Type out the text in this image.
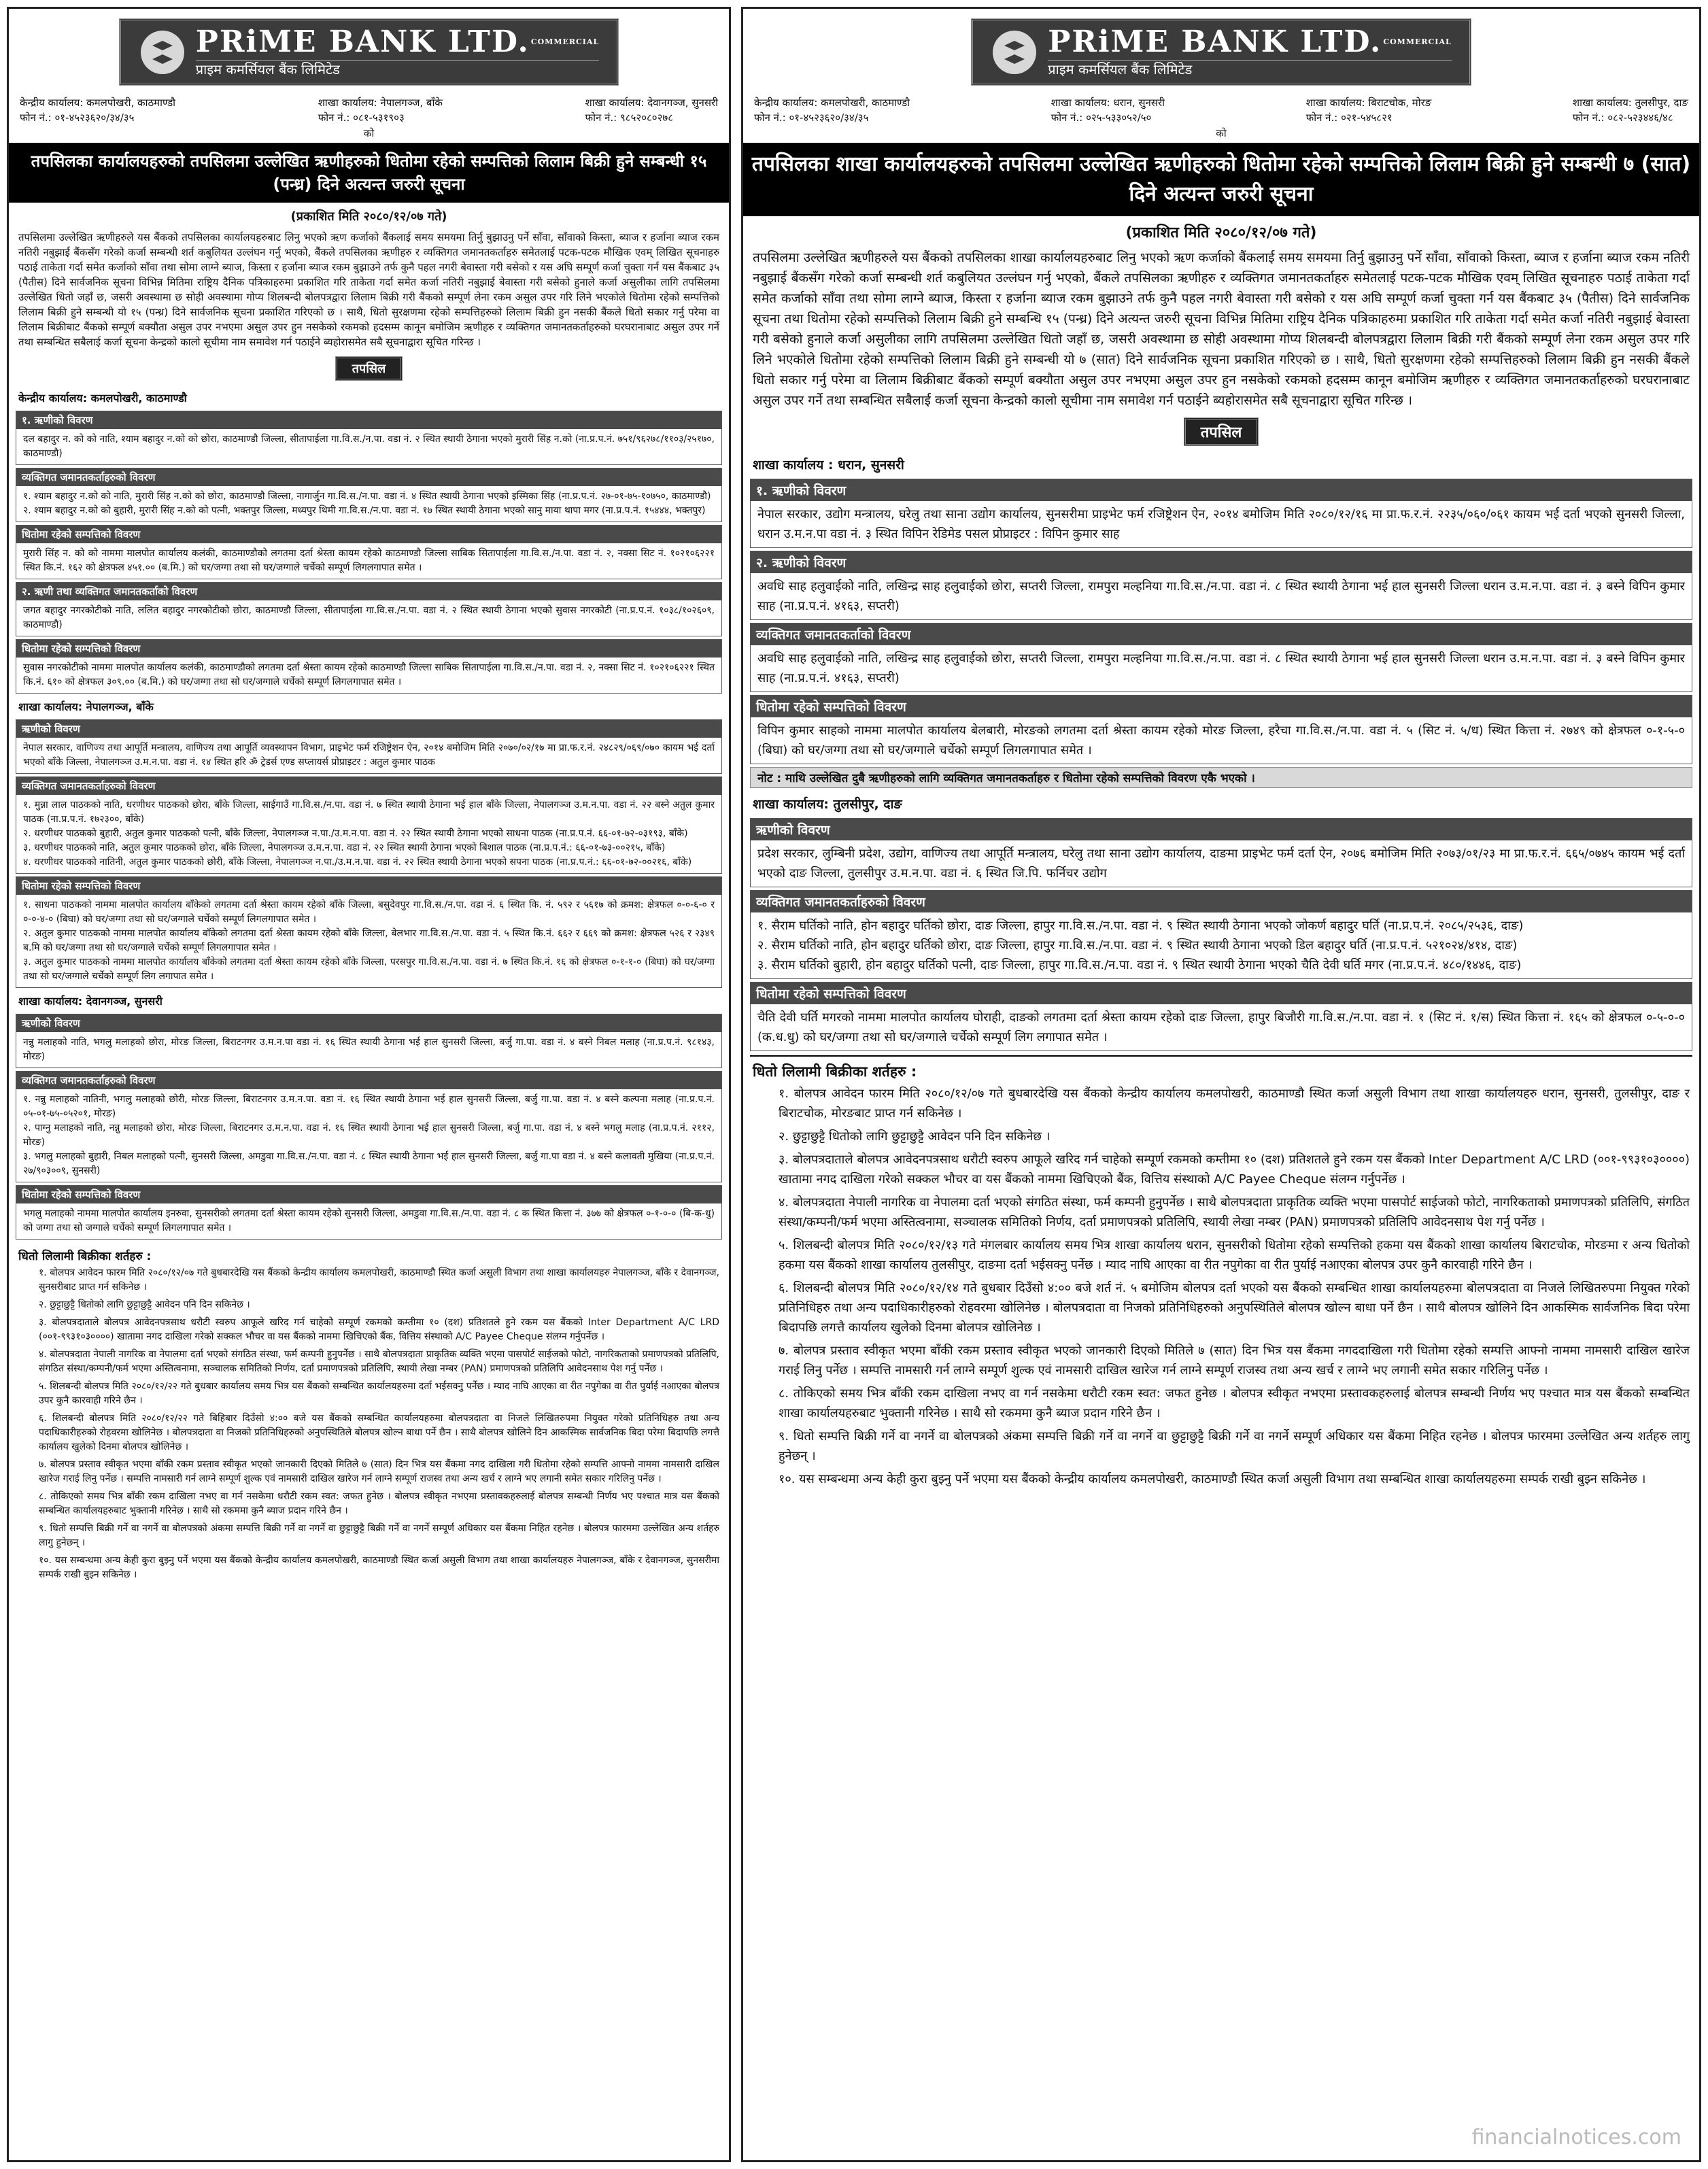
PRiME BANK LTD. $^{COMMERCIAL}$
प्राइम कमर्सियल बैंक लिमिटेड
केन्द्रीय कार्यालय: कमलपोखरी, काठमाण्डौ
फोन नं.: ०१-४५२३६२०/३४/३५
शाखा कार्यालय: नेपालगञ्ज, बाँके
फोन नं.: ०८१-५३१९०३
शाखा कार्यालय: देवानगञ्ज, सुनसरी
फोन नं.: ९८५२०८०२७८
को
तपसिलका कार्यालयहरुको तपसिलमा उल्लेखित ऋणीहरुको धितोमा रहेको सम्पत्तिको लिलाम बिक्री हुने सम्बन्धी १५ (पन्ध्र) दिने अत्यन्त जरुरी सूचना
(प्रकाशित मिति २०८०/१२/०७ गते)
तपसिलमा उल्लेखित ऋणीहरुले यस बैंकको तपसिलका कार्यालयहरुबाट लिनु भएको ऋण कर्जाको बैंकलाई समय समयमा तिर्नु बुझाउनु पर्ने साँवा, साँवाको किस्ता, ब्याज र हर्जाना ब्याज रकम नतिरी नबुझाई बैंकसँग गरेको कर्जा सम्बन्धी शर्त कबुलियत उल्लंघन गर्नु भएको, बैंकले तपसिलका ऋणीहरु र व्यक्तिगत जमानतकर्ताहरु समेतलाई पटक-पटक मौखिक एवम् लिखित सूचनाहरु पठाई ताकेता गर्दा समेत कर्जाको साँवा तथा सोमा लाग्ने ब्याज, किस्ता र हर्जाना ब्याज रकम बुझाउने तर्फ कुनै पहल नगरी बेवास्ता गरी बसेको र यस अघि सम्पूर्ण कर्जा चुक्ता गर्न यस बैंकबाट ३५ (पैतीस) दिने सार्वजनिक सूचना विभिन्न मितिमा राष्ट्रिय दैनिक पत्रिकाहरुमा प्रकाशित गरि ताकेता गर्दा समेत कर्जा नतिरी नबुझाई बेवास्ता गरी बसेको हुनाले कर्जा असुलीका लागि तपसिलमा उल्लेखित धितो जहाँ छ, जसरी अवस्थामा छ सोही अवस्थामा गोप्य शिलबन्दी बोलपत्रद्वारा लिलाम बिक्री गरी बैंकको सम्पूर्ण लेना रकम असुल उपर गरि लिने भएकोले धितोमा रहेको सम्पत्तिको लिलाम बिक्री हुने सम्बन्धी यो १५ (पन्ध्र) दिने सार्वजनिक सूचना प्रकाशित गरिएको छ । साथै, धितो सुरक्षणमा रहेको सम्पत्तिहरुको लिलाम बिक्री हुन नसकी बैंकले धितो सकार गर्नु परेमा वा लिलाम बिक्रीबाट बैंकको सम्पूर्ण बक्यौता असुल उपर नभएमा असुल उपर हुन नसकेको रकमको हदसम्म कानून बमोजिम ऋणीहरु र व्यक्तिगत जमानतकर्ताहरुको घरघरानाबाट असुल उपर गर्ने तथा सम्बन्धित सबैलाई कर्जा सूचना केन्द्रको कालो सूचीमा नाम समावेश गर्न पठाईने ब्यहोरासमेत सबै सूचनाद्वारा सूचित गरिन्छ ।
तपसिल
केन्द्रीय कार्यालय: कमलपोखरी, काठमाण्डौ
१. ऋणीको विवरण
दल बहादुर न. को को नाति, श्याम बहादुर न.को को छोरा, काठमाण्डौ जिल्ला, सीतापाईला गा.वि.स./न.पा. वडा नं. २ स्थित स्थायी ठेगाना भएको मुरारी सिंह न.को (ना.प्र.प.नं. ७५१/९६२७८/११०३/२५१७०, काठमाण्डौ)
व्यक्तिगत जमानतकर्ताहरुको विवरण
१. श्याम बहादुर न.को को नाति, मुरारी सिंह न.को को छोरा, काठमाण्डौ जिल्ला, नागार्जुन गा.वि.स./न.पा. वडा नं. ४ स्थित स्थायी ठेगाना भएको इस्मिका सिंह (ना.प्र.प.नं. २७-०१-७५-१०७५०, काठमाण्डौ)
२. श्याम बहादुर न.को को बुहारी, मुरारी सिंह न.को को पत्नी, भक्तपुर जिल्ला, मध्यपुर थिमी गा.वि.स./न.पा. वडा नं. १७ स्थित स्थायी ठेगाना भएको सानु माया थापा मगर (ना.प्र.प.नं. १५४४४, भक्तपुर)
धितोमा रहेको सम्पत्तिको विवरण
मुरारी सिंह न. को को नाममा मालपोत कार्यालय कलंकी, काठमाण्डौको लगतमा दर्ता श्रेस्ता कायम रहेको काठमाण्डौ जिल्ला साबिक सितापाईला गा.वि.स./न.पा. वडा नं. २, नक्सा सिट नं. १०२१०६२२१ स्थित कि.नं. १६२ को क्षेत्रफल ४५१.०० (ब.मि.) को घर/जग्गा तथा सो घर/जग्गाले चर्चेको सम्पूर्ण लिगलगापात समेत ।
२. ऋणी तथा व्यक्तिगत जमानतकर्ताको विवरण
जगत बहादुर नगरकोटीको नाति, ललित बहादुर नगरकोटीको छोरा, काठमाण्डौ जिल्ला, सीतापाईला गा.वि.स./न.पा. वडा नं. २ स्थित स्थायी ठेगाना भएको सुवास नगरकोटी (ना.प्र.प.नं. १०३८/१०२६०९, काठमाण्डौ)
धितोमा रहेको सम्पत्तिको विवरण
सुवास नगरकोटीको नाममा मालपोत कार्यालय कलंकी, काठमाण्डौको लगतमा दर्ता श्रेस्ता कायम रहेको काठमाण्डौ जिल्ला साबिक सितापाईला गा.वि.स./न.पा. वडा नं. २, नक्सा सिट नं. १०२१०६२२१ स्थित कि.नं. ६१० को क्षेत्रफल ३०९.०० (ब.मि.) को घर/जग्गा तथा सो घर/जग्गाले चर्चेको सम्पूर्ण लिगलगापात समेत ।
शाखा कार्यालय: नेपालगञ्ज, बाँके
ऋणीको विवरण
नेपाल सरकार, वाणिज्य तथा आपूर्ति मन्त्रालय, वाणिज्य तथा आपूर्ति व्यवस्थापन विभाग, प्राइभेट फर्म रजिष्ट्रेशन ऐन, २०१४ बमोजिम मिति २०७०/०२/१७ मा प्रा.फ.र.नं. २४८२९/०६९/०७० कायम भई दर्ता भएको बाँके जिल्ला, नेपालगञ्ज उ.म.न.पा. वडा नं. १४ स्थित हरि ॐ ट्रेडर्स एण्ड सप्लायर्स प्रोप्राइटर : अतुल कुमार पाठक
व्यक्तिगत जमानतकर्ताहरुको विवरण
१. मुन्ना लाल पाठकको नाति, धरणीधर पाठकको छोरा, बाँके जिल्ला, साईगाउँ गा.वि.स./न.पा. वडा नं. ७ स्थित स्थायी ठेगाना भई हाल बाँके जिल्ला, नेपालगञ्ज उ.म.न.पा. वडा नं. २२ बस्ने अतुल कुमार पाठक (ना.प्र.प.नं. १७२३००, बाँके)
२. धरणीधर पाठकको बुहारी, अतुल कुमार पाठकको पत्नी, बाँके जिल्ला, नेपालगञ्ज न.पा./उ.म.न.पा. वडा नं. २२ स्थित स्थायी ठेगाना भएको साधना पाठक (ना.प्र.प.नं. ६६-०१-७२-०३१९३, बाँके)
३. धरणीधर पाठकको नाति, अतुल कुमार पाठकको छोरा, बाँके जिल्ला, नेपालगञ्ज उ.म.न.पा. वडा नं. २२ स्थित स्थायी ठेगाना भएको बिशाल पाठक (ना.प्र.प.नं.: ६६-०१-७३-००२१५, बाँके)
४. धरणीधर पाठकको नातिनी, अतुल कुमार पाठकको छोरी, बाँके जिल्ला, नेपालगञ्ज न.पा./उ.म.न.पा. वडा नं. २२ स्थित स्थायी ठेगाना भएको सपना पाठक (ना.प्र.प.नं.: ६६-०१-७२-००२१६, बाँके)
धितोमा रहेको सम्पत्तिको विवरण
१. साधना पाठकको नाममा मालपोत कार्यालय बाँकेको लगतमा दर्ता श्रेस्ता कायम रहेको बाँके जिल्ला, बसुदेवपुर गा.वि.स./न.पा. वडा नं. ६ स्थित कि. नं. ५९२ र ५६१७ को क्रमश: क्षेत्रफल ०-०-६-० र ०-०-४-० (बिघा) को घर/जग्गा तथा सो घर/जग्गाले चर्चेको सम्पूर्ण लिगलगापात समेत ।
२. अतुल कुमार पाठकको नाममा मालपोत कार्यालय बाँकेको लगतमा दर्ता श्रेस्ता कायम रहेको बाँके जिल्ला, बेलभार गा.वि.स./न.पा. वडा नं. ५ स्थित कि.नं. ६६२ र ६६९ को क्रमश: क्षेत्रफल ५२६ र २३४९ ब.मि को घर/जग्गा तथा सो घर/जग्गाले चर्चेको सम्पूर्ण लिगलगापात समेत ।
३. अतुल कुमार पाठकको नाममा मालपोत कार्यालय बाँकेको लगतमा दर्ता श्रेस्ता कायम रहेको बाँके जिल्ला, परसपुर गा.वि.स./न.पा. वडा नं. ७ स्थित कि.नं. १६ को क्षेत्रफल ०-१-१-० (बिघा) को घर/जग्गा तथा सो घर/जग्गाले चर्चेको सम्पूर्ण लिग लगापात समेत ।
शाखा कार्यालय: देवानगञ्ज, सुनसरी
ऋणीको विवरण
नन्नु मलाहको नाति, भगलु मलाहको छोरा, मोरङ जिल्ला, बिराटनगर उ.म.न.पा वडा नं. १६ स्थित स्थायी ठेगाना भई हाल सुनसरी जिल्ला, बर्जु गा.पा. वडा नं. ४ बस्ने निबल मलाह (ना.प्र.प.नं. ९८१४३, मोरङ)
व्यक्तिगत जमानतकर्ताहरुको विवरण
१. नन्नु मलाहको नातिनी, भगलु मलाहको छोरी, मोरङ जिल्ला, बिराटनगर उ.म.न.पा. वडा नं. १६ स्थित स्थायी ठेगाना भई हाल सुनसरी जिल्ला, बर्जु गा.पा. वडा नं. ४ बस्ने कल्पना मलाह (ना.प्र.प.नं. ०५-०१-७५-०५२०१, मोरङ)
२. पाग्नु मलाहको नाति, नन्नु मलाहको छोरा, मोरङ जिल्ला, बिराटनगर उ.म.न.पा. वडा नं. १६ स्थित स्थायी ठेगाना भई हाल सुनसरी जिल्ला, बर्जु गा.पा. वडा नं. ४ बस्ने भगलु मलाह (ना.प्र.प.नं. २११२, मोरङ)
३. भगलु मलाहको बुहारी, निबल मलाहको पत्नी, सुनसरी जिल्ला, अमडुवा गा.वि.स./न.पा. वडा नं. ८ स्थित स्थायी ठेगाना भई हाल सुनसरी जिल्ला, बर्जु गा.पा वडा नं. ४ बस्ने कलावती मुखिया (ना.प्र.प.नं. २७/९०३००९, सुनसरी)
धितोमा रहेको सम्पत्तिको विवरण
भगलु मलाहको नाममा मालपोत कार्यालय इनरुवा, सुनसरीको लगतमा दर्ता श्रेस्ता कायम रहेको सुनसरी जिल्ला, अमडुवा गा.वि.स./न.पा. वडा नं. ८ क स्थित कित्ता नं. ३७७ को क्षेत्रफल ०-१-०-० (बि-क-धु) को जग्गा तथा सो जग्गाले चर्चेको सम्पूर्ण लिगलगापात समेत ।
धितो लिलामी बिक्रीका शर्तहरु :
१. बोलपत्र आवेदन फारम मिति २०८०/१२/०७ गते बुधबारदेखि यस बैंकको केन्द्रीय कार्यालय कमलपोखरी, काठमाण्डौ स्थित कर्जा असुली विभाग तथा शाखा कार्यालयहरु नेपालगञ्ज, बाँके र देवानगञ्ज, सुनसरीबाट प्राप्त गर्न सकिनेछ ।
२. छुट्टाछुट्टै धितोको लागि छुट्टाछुट्टै आवेदन पनि दिन सकिनेछ ।
३. बोलपत्रदाताले बोलपत्र आवेदनपत्रसाथ धरौटी स्वरुप आफूले खरिद गर्न चाहेको सम्पूर्ण रकमको कम्तीमा १० (दश) प्रतिशतले हुने रकम यस बैंकको Inter Department A/C LRD (००१-९९३१०३००००) खातामा नगद दाखिला गरेको सक्कल भौचर वा यस बैंकको नाममा खिचिएको बैंक, वित्तिय संस्थाको A/C Payee Cheque संलग्न गर्नुपर्नेछ ।
४. बोलपत्रदाता नेपाली नागरिक वा नेपालमा दर्ता भएको संगठित संस्था, फर्म कम्पनी हुनुपर्नेछ । साथै बोलपत्रदाता प्राकृतिक व्यक्ति भएमा पासपोर्ट साईजको फोटो, नागरिकताको प्रमाणपत्रको प्रतिलिपि, संगठित संस्था/कम्पनी/फर्म भएमा अस्तित्वनामा, सञ्चालक समितिको निर्णय, दर्ता प्रमाणपत्रको प्रतिलिपि, स्थायी लेखा नम्बर (PAN) प्रमाणपत्रको प्रतिलिपि आवेदनसाथ पेश गर्नु पर्नेछ ।
५. शिलबन्दी बोलपत्र मिति २०८०/१२/२२ गते बुधबार कार्यालय समय भित्र यस बैंकको सम्बन्धित कार्यालयहरुमा दर्ता भईसक्नु पर्नेछ । म्याद नाघि आएका वा रीत नपुगेका वा रीत पुर्याई नआएका बोलपत्र उपर कुनै कारवाही गरिने छैन ।
६. शिलबन्दी बोलपत्र मिति २०८०/१२/२२ गते बिहिबार दिउँसो ४:०० बजे यस बैंकको सम्बन्धित कार्यालयहरुमा बोलपत्रदाता वा निजले लिखितरुपमा नियुक्त गरेको प्रतिनिधिहरु तथा अन्य पदाधिकारीहरुको रोहवरमा खोलिनेछ । बोलपत्रदाता वा निजको प्रतिनिधिहरुको अनुपस्थितिले बोलपत्र खोल्न बाधा पर्ने छैन । साथै बोलपत्र खोलिने दिन आकस्मिक सार्वजनिक बिदा परेमा बिदापछि लगत्तै कार्यालय खुलेको दिनमा बोलपत्र खोलिनेछ ।
७. बोलपत्र प्रस्ताव स्वीकृत भएमा बाँकी रकम प्रस्ताव स्वीकृत भएको जानकारी दिएको मितिले ७ (सात) दिन भित्र यस बैंकमा नगद दाखिला गरी धितोमा रहेको सम्पत्ति आफ्नो नाममा नामसारी दाखिल खारेज गराई लिनु पर्नेछ । सम्पत्ति नामसारी गर्न लाग्ने सम्पूर्ण शुल्क एवं नामसारी दाखिल खारेज गर्न लाग्ने सम्पूर्ण राजस्व तथा अन्य खर्च र लाग्ने भए लगानी समेत सकार गरिलिनु पर्नेछ ।
८. तोकिएको समय भित्र बाँकी रकम दाखिला नभए वा गर्न नसकेमा धरौटी रकम स्वत: जफत हुनेछ । बोलपत्र स्वीकृत नभएमा प्रस्तावकहरुलाई बोलपत्र सम्बन्धी निर्णय भए पश्चात मात्र यस बैंकको सम्बन्धित कार्यालयहरुबाट भुक्तानी गरिनेछ । साथै सो रकममा कुनै ब्याज प्रदान गरिने छैन ।
९. धितो सम्पत्ति बिक्री गर्ने वा नगर्ने वा बोलपत्रको अंकमा सम्पत्ति बिक्री गर्ने वा नगर्ने वा छुट्टाछुट्टै बिक्री गर्ने वा नगर्ने सम्पूर्ण अधिकार यस बैंकमा निहित रहनेछ । बोलपत्र फारममा उल्लेखित अन्य शर्तहरु लागु हुनेछन् ।
१०. यस सम्बन्धमा अन्य केही कुरा बुझ्नु पर्ने भएमा यस बैंकको केन्द्रीय कार्यालय कमलपोखरी, काठमाण्डौ स्थित कर्जा असुली विभाग तथा शाखा कार्यालयहरु नेपालगञ्ज, बाँके र देवानगञ्ज, सुनसरीमा सम्पर्क राखी बुझ्न सकिनेछ ।
PRiME BANK LTD. $^{COMMERCIAL}$
प्राइम कमर्सियल बैंक लिमिटेड
केन्द्रीय कार्यालय: कमलपोखरी, काठमाण्डौ
फोन नं.: ०१-४५२३६२०/३४/३५
शाखा कार्यालय: धरान, सुनसरी
फोन नं.: ०२५-५३३०५२/५०
शाखा कार्यालय: बिराटचोक, मोरङ
फोन नं.: ०२१-५४५८२१
शाखा कार्यालय: तुलसीपुर, दाङ
फोन नं.: ०८२-५२३४४६/४८
को
तपसिलका शाखा कार्यालयहरुको तपसिलमा उल्लेखित ऋणीहरुको धितोमा रहेको सम्पत्तिको लिलाम बिक्री हुने सम्बन्धी ७ (सात) दिने अत्यन्त जरुरी सूचना
(प्रकाशित मिति २०८०/१२/०७ गते)
तपसिलमा उल्लेखित ऋणीहरुले यस बैंकको तपसिलका शाखा कार्यालयहरुबाट लिनु भएको ऋण कर्जाको बैंकलाई समय समयमा तिर्नु बुझाउनु पर्ने साँवा, साँवाको किस्ता, ब्याज र हर्जाना ब्याज रकम नतिरी नबुझाई बैंकसँग गरेको कर्जा सम्बन्धी शर्त कबुलियत उल्लंघन गर्नु भएको, बैंकले तपसिलका ऋणीहरु र व्यक्तिगत जमानतकर्ताहरु समेतलाई पटक-पटक मौखिक एवम् लिखित सूचनाहरु पठाई ताकेता गर्दा समेत कर्जाको साँवा तथा सोमा लाग्ने ब्याज, किस्ता र हर्जाना ब्याज रकम बुझाउने तर्फ कुनै पहल नगरी बेवास्ता गरी बसेको र यस अघि सम्पूर्ण कर्जा चुक्ता गर्न यस बैंकबाट ३५ (पैतीस) दिने सार्वजनिक सूचना तथा धितोमा रहेको सम्पत्तिको लिलाम बिक्री हुने सम्बन्धि १५ (पन्ध्र) दिने अत्यन्त जरुरी सूचना विभिन्न मितिमा राष्ट्रिय दैनिक पत्रिकाहरुमा प्रकाशित गरि ताकेता गर्दा समेत कर्जा नतिरी नबुझाई बेवास्ता गरी बसेको हुनाले कर्जा असुलीका लागि तपसिलमा उल्लेखित धितो जहाँ छ, जसरी अवस्थामा छ सोही अवस्थामा गोप्य शिलबन्दी बोलपत्रद्वारा लिलाम बिक्री गरी बैंकको सम्पूर्ण लेना रकम असुल उपर गरि लिने भएकोले धितोमा रहेको सम्पत्तिको लिलाम बिक्री हुने सम्बन्धी यो ७ (सात) दिने सार्वजनिक सूचना प्रकाशित गरिएको छ । साथै, धितो सुरक्षणमा रहेको सम्पत्तिहरुको लिलाम बिक्री हुन नसकी बैंकले धितो सकार गर्नु परेमा वा लिलाम बिक्रीबाट बैंकको सम्पूर्ण बक्यौता असुल उपर नभएमा असुल उपर हुन नसकेको रकमको हदसम्म कानून बमोजिम ऋणीहरु र व्यक्तिगत जमानतकर्ताहरुको घरघरानाबाट असुल उपर गर्ने तथा सम्बन्धित सबैलाई कर्जा सूचना केन्द्रको कालो सूचीमा नाम समावेश गर्न पठाईने ब्यहोरासमेत सबै सूचनाद्वारा सूचित गरिन्छ ।
तपसिल
शाखा कार्यालय : धरान, सुनसरी
१. ऋणीको विवरण
नेपाल सरकार, उद्योग मन्त्रालय, घरेलु तथा साना उद्योग कार्यालय, सुनसरीमा प्राइभेट फर्म रजिष्ट्रेशन ऐन, २०१४ बमोजिम मिति २०८०/१२/१६ मा प्रा.फ.र.नं. २२३५/०६०/०६१ कायम भई दर्ता भएको सुनसरी जिल्ला, धरान उ.म.न.पा वडा नं. ३ स्थित विपिन रेडिमेड पसल प्रोप्राइटर : विपिन कुमार साह
२. ऋणीको विवरण
अवधि साह हलुवाईको नाति, लखिन्द्र साह हलुवाईको छोरा, सप्तरी जिल्ला, रामपुरा मल्हनिया गा.वि.स./न.पा. वडा नं. ८ स्थित स्थायी ठेगाना भई हाल सुनसरी जिल्ला धरान उ.म.न.पा. वडा नं. ३ बस्ने विपिन कुमार साह (ना.प्र.प.नं. ४१६३, सप्तरी)
व्यक्तिगत जमानतकर्ताको विवरण
अवधि साह हलुवाईको नाति, लखिन्द्र साह हलुवाईको छोरा, सप्तरी जिल्ला, रामपुरा मल्हनिया गा.वि.स./न.पा. वडा नं. ८ स्थित स्थायी ठेगाना भई हाल सुनसरी जिल्ला धरान उ.म.न.पा. वडा नं. ३ बस्ने विपिन कुमार साह (ना.प्र.प.नं. ४१६३, सप्तरी)
धितोमा रहेको सम्पत्तिको विवरण
विपिन कुमार साहको नाममा मालपोत कार्यालय बेलबारी, मोरङको लगतमा दर्ता श्रेस्ता कायम रहेको मोरङ जिल्ला, हरैचा गा.वि.स./न.पा. वडा नं. ५ (सिट नं. ५/ध) स्थित कित्ता नं. २७४९ को क्षेत्रफल ०-१-५-० (बिघा) को घर/जग्गा तथा सो घर/जग्गाले चर्चेको सम्पूर्ण लिगलगापात समेत ।
नोट : माथि उल्लेखित दुबै ऋणीहरुको लागि व्यक्तिगत जमानतकर्ताहरु र धितोमा रहेको सम्पत्तिको विवरण एकै भएको ।
शाखा कार्यालय: तुलसीपुर, दाङ
ऋणीको विवरण
प्रदेश सरकार, लुम्बिनी प्रदेश, उद्योग, वाणिज्य तथा आपूर्ति मन्त्रालय, घरेलु तथा साना उद्योग कार्यालय, दाङमा प्राइभेट फर्म दर्ता ऐन, २०७६ बमोजिम मिति २०७३/०१/२३ मा प्रा.फ.र.नं. ६६५/०७४५ कायम भई दर्ता भएको दाङ जिल्ला, तुलसीपुर उ.म.न.पा. वडा नं. ६ स्थित जि.पि. फर्निचर उद्योग
व्यक्तिगत जमानतकर्ताहरुको विवरण
१. सैराम घर्तिको नाति, होन बहादुर घर्तिको छोरा, दाङ जिल्ला, हापुर गा.वि.स./न.पा. वडा नं. ९ स्थित स्थायी ठेगाना भएको जोकर्ण बहादुर घर्ति (ना.प्र.प.नं. २०८५/२५३६, दाङ)
२. सैराम घर्तिको नाति, होन बहादुर घर्तिको छोरा, दाङ जिल्ला, हापुर गा.वि.स./न.पा. वडा नं. ९ स्थित स्थायी ठेगाना भएको डिल बहादुर घर्ति (ना.प्र.प.नं. ५२१०२४/४१४, दाङ)
३. सैराम घर्तिको बुहारी, होन बहादुर घर्तिको पत्नी, दाङ जिल्ला, हापुर गा.वि.स./न.पा. वडा नं. ९ स्थित स्थायी ठेगाना भएको चैति देवी घर्ति मगर (ना.प्र.प.नं. ४८०/१४४६, दाङ)
धितोमा रहेको सम्पत्तिको विवरण
चैति देवी घर्ति मगरको नाममा मालपोत कार्यालय घोराही, दाङको लगतमा दर्ता श्रेस्ता कायम रहेको दाङ जिल्ला, हापुर बिजौरी गा.वि.स./न.पा. वडा नं. १ (सिट नं. १/स) स्थित कित्ता नं. १६५ को क्षेत्रफल ०-५-०-० (क.ध.धु) को घर/जग्गा तथा सो घर/जग्गाले चर्चेको सम्पूर्ण लिग लगापात समेत ।
धितो लिलामी बिक्रीका शर्तहरु :
१. बोलपत्र आवेदन फारम मिति २०८०/१२/०७ गते बुधबारदेखि यस बैंकको केन्द्रीय कार्यालय कमलपोखरी, काठमाण्डौ स्थित कर्जा असुली विभाग तथा शाखा कार्यालयहरु धरान, सुनसरी, तुलसीपुर, दाङ र बिराटचोक, मोरङबाट प्राप्त गर्न सकिनेछ ।
२. छुट्टाछुट्टै धितोको लागि छुट्टाछुट्टै आवेदन पनि दिन सकिनेछ ।
३. बोलपत्रदाताले बोलपत्र आवेदनपत्रसाथ धरौटी स्वरुप आफूले खरिद गर्न चाहेको सम्पूर्ण रकमको कम्तीमा १० (दश) प्रतिशतले हुने रकम यस बैंकको Inter Department A/C LRD (००१-९९३१०३००००) खातामा नगद दाखिला गरेको सक्कल भौचर वा यस बैंकको नाममा खिचिएको बैंक, वित्तिय संस्थाको A/C Payee Cheque संलग्न गर्नुपर्नेछ ।
४. बोलपत्रदाता नेपाली नागरिक वा नेपालमा दर्ता भएको संगठित संस्था, फर्म कम्पनी हुनुपर्नेछ । साथै बोलपत्रदाता प्राकृतिक व्यक्ति भएमा पासपोर्ट साईजको फोटो, नागरिकताको प्रमाणपत्रको प्रतिलिपि, संगठित संस्था/कम्पनी/फर्म भएमा अस्तित्वनामा, सञ्चालक समितिको निर्णय, दर्ता प्रमाणपत्रको प्रतिलिपि, स्थायी लेखा नम्बर (PAN) प्रमाणपत्रको प्रतिलिपि आवेदनसाथ पेश गर्नु पर्नेछ ।
५. शिलबन्दी बोलपत्र मिति २०८०/१२/१३ गते मंगलबार कार्यालय समय भित्र शाखा कार्यालय धरान, सुनसरीको धितोमा रहेको सम्पत्तिको हकमा यस बैंकको शाखा कार्यालय बिराटचोक, मोरङमा र अन्य धितोको हकमा यस बैंकको शाखा कार्यालय तुलसीपुर, दाङमा दर्ता भईसक्नु पर्नेछ । म्याद नाघि आएका वा रीत नपुगेका वा रीत पुर्याई नआएका बोलपत्र उपर कुनै कारवाही गरिने छैन ।
६. शिलबन्दी बोलपत्र मिति २०८०/१२/१४ गते बुधबार दिउँसो ४:०० बजे शर्त नं. ५ बमोजिम बोलपत्र दर्ता भएको यस बैंकको सम्बन्धित शाखा कार्यालयहरुमा बोलपत्रदाता वा निजले लिखितरुपमा नियुक्त गरेको प्रतिनिधिहरु तथा अन्य पदाधिकारीहरुको रोहवरमा खोलिनेछ । बोलपत्रदाता वा निजको प्रतिनिधिहरुको अनुपस्थितिले बोलपत्र खोल्न बाधा पर्ने छैन । साथै बोलपत्र खोलिने दिन आकस्मिक सार्वजनिक बिदा परेमा बिदापछि लगत्तै कार्यालय खुलेको दिनमा बोलपत्र खोलिनेछ ।
७. बोलपत्र प्रस्ताव स्वीकृत भएमा बाँकी रकम प्रस्ताव स्वीकृत भएको जानकारी दिएको मितिले ७ (सात) दिन भित्र यस बैंकमा नगददाखिला गरी धितोमा रहेको सम्पत्ति आफ्नो नाममा नामसारी दाखिल खारेज गराई लिनु पर्नेछ । सम्पत्ति नामसारी गर्न लाग्ने सम्पूर्ण शुल्क एवं नामसारी दाखिल खारेज गर्न लाग्ने सम्पूर्ण राजस्व तथा अन्य खर्च र लाग्ने भए लगानी समेत सकार गरिलिनु पर्नेछ ।
८. तोकिएको समय भित्र बाँकी रकम दाखिला नभए वा गर्न नसकेमा धरौटी रकम स्वत: जफत हुनेछ । बोलपत्र स्वीकृत नभएमा प्रस्तावकहरुलाई बोलपत्र सम्बन्धी निर्णय भए पश्चात मात्र यस बैंकको सम्बन्धित शाखा कार्यालयहरुबाट भुक्तानी गरिनेछ । साथै सो रकममा कुनै ब्याज प्रदान गरिने छैन ।
९. धितो सम्पत्ति बिक्री गर्ने वा नगर्ने वा बोलपत्रको अंकमा सम्पत्ति बिक्री गर्ने वा नगर्ने वा छुट्टाछुट्टै बिक्री गर्ने वा नगर्ने सम्पूर्ण अधिकार यस बैंकमा निहित रहनेछ । बोलपत्र फारममा उल्लेखित अन्य शर्तहरु लागु हुनेछन् ।
१०. यस सम्बन्धमा अन्य केही कुरा बुझ्नु पर्ने भएमा यस बैंकको केन्द्रीय कार्यालय कमलपोखरी, काठमाण्डौ स्थित कर्जा असुली विभाग तथा सम्बन्धित शाखा कार्यालयहरुमा सम्पर्क राखी बुझ्न सकिनेछ ।
financialnotices.com
